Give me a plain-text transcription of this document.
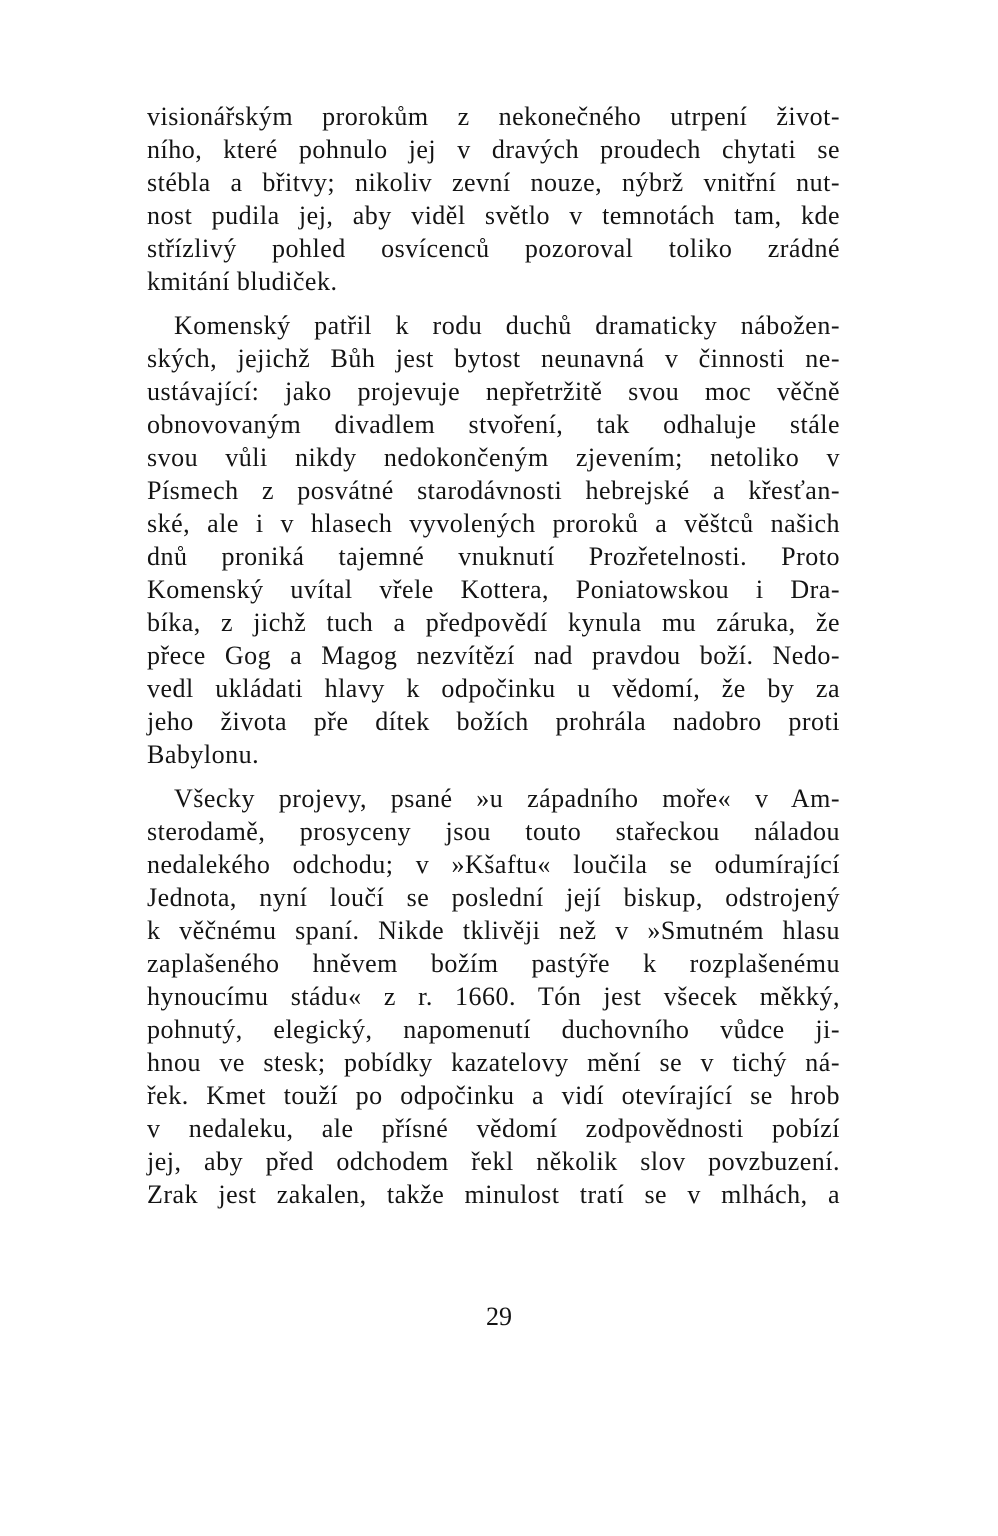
visionářským prorokům z nekonečného utrpení život-
ního, které pohnulo jej v dravých proudech chytati se
stébla a břitvy; nikoliv zevní nouze, nýbrž vnitřní nut-
nost pudila jej, aby viděl světlo v temnotách tam, kde
střízlivý pohled osvícenců pozoroval toliko zrádné
kmitání bludiček.
Komenský patřil k rodu duchů dramaticky nábožen-
ských, jejichž Bůh jest bytost neunavná v činnosti ne-
ustávající: jako projevuje nepřetržitě svou moc věčně
obnovovaným divadlem stvoření, tak odhaluje stále
svou vůli nikdy nedokončeným zjevením; netoliko v
Písmech z posvátné starodávnosti hebrejské a křesťan-
ské, ale i v hlasech vyvolených proroků a věštců našich
dnů proniká tajemné vnuknutí Prozřetelnosti. Proto
Komenský uvítal vřele Kottera, Poniatowskou i Dra-
bíka, z jichž tuch a předpovědí kynula mu záruka, že
přece Gog a Magog nezvítězí nad pravdou boží. Nedo-
vedl ukládati hlavy k odpočinku u vědomí, že by za
jeho života pře dítek božích prohrála nadobro proti
Babylonu.
Všecky projevy, psané »u západního moře« v Am-
sterodamě, prosyceny jsou touto stařeckou náladou
nedalekého odchodu; v »Kšaftu« loučila se odumírající
Jednota, nyní loučí se poslední její biskup, odstrojený
k věčnému spaní. Nikde tklivěji než v »Smutném hlasu
zaplašeného hněvem božím pastýře k rozplašenému
hynoucímu stádu« z r. 1660. Tón jest všecek měkký,
pohnutý, elegický, napomenutí duchovního vůdce ji-
hnou ve stesk; pobídky kazatelovy mění se v tichý ná-
řek. Kmet touží po odpočinku a vidí otevírající se hrob
v nedaleku, ale přísné vědomí zodpovědnosti pobízí
jej, aby před odchodem řekl několik slov povzbuzení.
Zrak jest zakalen, takže minulost tratí se v mlhách, a
29
